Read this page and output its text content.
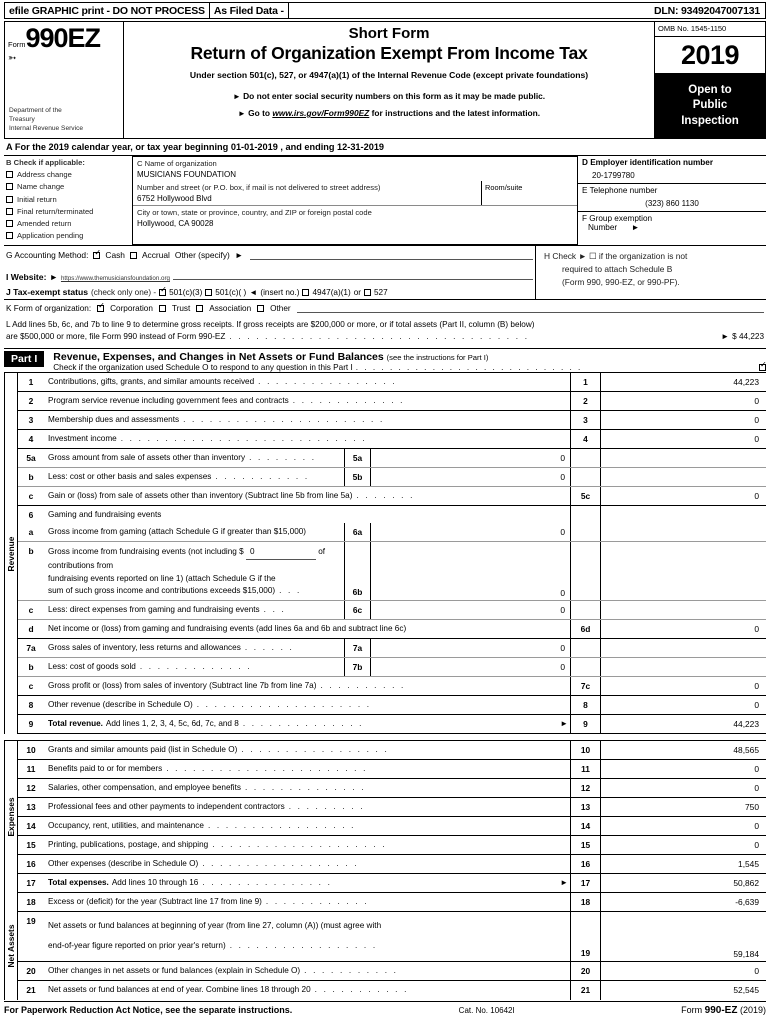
efile GRAPHIC print - DO NOT PROCESS As Filed Data -	DLN: 93492047007131
Form 990EZ
➳
Department of the
Treasury
Internal Revenue Service
Short Form
Return of Organization Exempt From Income Tax
Under section 501(c), 527, or 4947(a)(1) of the Internal Revenue Code (except private foundations)
► Do not enter social security numbers on this form as it may be made public.
► Go to www.irs.gov/Form990EZ for instructions and the latest information.
OMB No. 1545-1150
2019
Open to
Public
Inspection
A For the 2019 calendar year, or tax year beginning 01-01-2019 , and ending 12-31-2019
B Check if applicable:
Address change
Name change
Initial return
Final return/terminated
Amended return
Application pending
C Name of organization
MUSICIANS FOUNDATION
Number and street (or P.O. box, if mail is not delivered to street address)
6752 Hollywood Blvd
Room/suite
City or town, state or province, country, and ZIP or foreign postal code
Hollywood, CA 90028
D Employer identification number
20-1799780
E Telephone number
(323) 860 1130
F Group exemption
Number ►
G Accounting Method: ✓ Cash Accrual Other (specify) ►
I Website: ► https://www.themusiciansfoundation.org
J Tax-exempt status (check only one) - ✓ 501(c)(3) 501(c)( ) ◄ (insert no.) 4947(a)(1) or 527
H Check ► ☐ if the organization is not
required to attach Schedule B
(Form 990, 990-EZ, or 990-PF).
K Form of organization: ✓ Corporation Trust Association Other
L Add lines 5b, 6c, and 7b to line 9 to determine gross receipts. If gross receipts are $200,000 or more, or if total assets (Part II, column (B) below)
are $500,000 or more, file Form 990 instead of Form 990-EZ . . . . . . . . . . . . . . . . . . . . . . . . . . . . . . . . . .	► $ 44,223
Part I	Revenue, Expenses, and Changes in Net Assets or Fund Balances (see the instructions for Part I)
Check if the organization used Schedule O to respond to any question in this Part I . . . . . . . . . . . . . . . . . . . . . . . . . . .
✓
Revenue
1	Contributions, gifts, grants, and similar amounts received . . . . . . . . . . . . . . . .	1	44,223
2	Program service revenue including government fees and contracts . . . . . . . . . . . . .	2	0
3	Membership dues and assessments . . . . . . . . . . . . . . . . . . . . . . .	3	0
4	Investment income . . . . . . . . . . . . . . . . . . . . . . . . . . . .	4	0
5a	Gross amount from sale of assets other than inventory . . . . . . . .	5a	0
b	Less: cost or other basis and sales expenses . . . . . . . . . . .	5b	0
c	Gain or (loss) from sale of assets other than inventory (Subtract line 5b from line 5a) . . . . . . .	5c	0
6	Gaming and fundraising events
a	Gross income from gaming (attach Schedule G if greater than $15,000)	6a	0
b	Gross income from fundraising events (not including $ 0	of contributions from
fundraising events reported on line 1) (attach Schedule G if the
sum of such gross income and contributions exceeds $15,000) . . .	6b	0
c	Less: direct expenses from gaming and fundraising events . . .	6c	0
d	Net income or (loss) from gaming and fundraising events (add lines 6a and 6b and subtract line 6c)	6d	0
7a	Gross sales of inventory, less returns and allowances . . . . . .	7a	0
b	Less: cost of goods sold . . . . . . . . . . . . .	7b	0
c	Gross profit or (loss) from sales of inventory (Subtract line 7b from line 7a) . . . . . . . . . .	7c	0
8	Other revenue (describe in Schedule O) . . . . . . . . . . . . . . . . . . . .	8	0
9	Total revenue. Add lines 1, 2, 3, 4, 5c, 6d, 7c, and 8 . . . . . . . . . . . . . .	►	9	44,223
Expenses
10	Grants and similar amounts paid (list in Schedule O) . . . . . . . . . . . . . . . . .	10	48,565
11	Benefits paid to or for members . . . . . . . . . . . . . . . . . . . . . . .	11	0
12	Salaries, other compensation, and employee benefits . . . . . . . . . . . . . .	12	0
13	Professional fees and other payments to independent contractors . . . . . . . . .	13	750
14	Occupancy, rent, utilities, and maintenance . . . . . . . . . . . . . . . . .	14	0
15	Printing, publications, postage, and shipping . . . . . . . . . . . . . . . . . . . .	15	0
16	Other expenses (describe in Schedule O) . . . . . . . . . . . . . . . . . .	16	1,545
17	Total expenses. Add lines 10 through 16 . . . . . . . . . . . . . . .	►	17	50,862
Net Assets
18	Excess or (deficit) for the year (Subtract line 17 from line 9) . . . . . . . . . . . .	18	-6,639
19	Net assets or fund balances at beginning of year (from line 27, column (A)) (must agree with
end-of-year figure reported on prior year's return) . . . . . . . . . . . . . . . . .
19	59,184
20	Other changes in net assets or fund balances (explain in Schedule O) . . . . . . . . . . .	20	0
21	Net assets or fund balances at end of year. Combine lines 18 through 20 . . . . . . . . . . .	21	52,545
For Paperwork Reduction Act Notice, see the separate instructions.	Cat. No. 10642I	Form 990-EZ (2019)
